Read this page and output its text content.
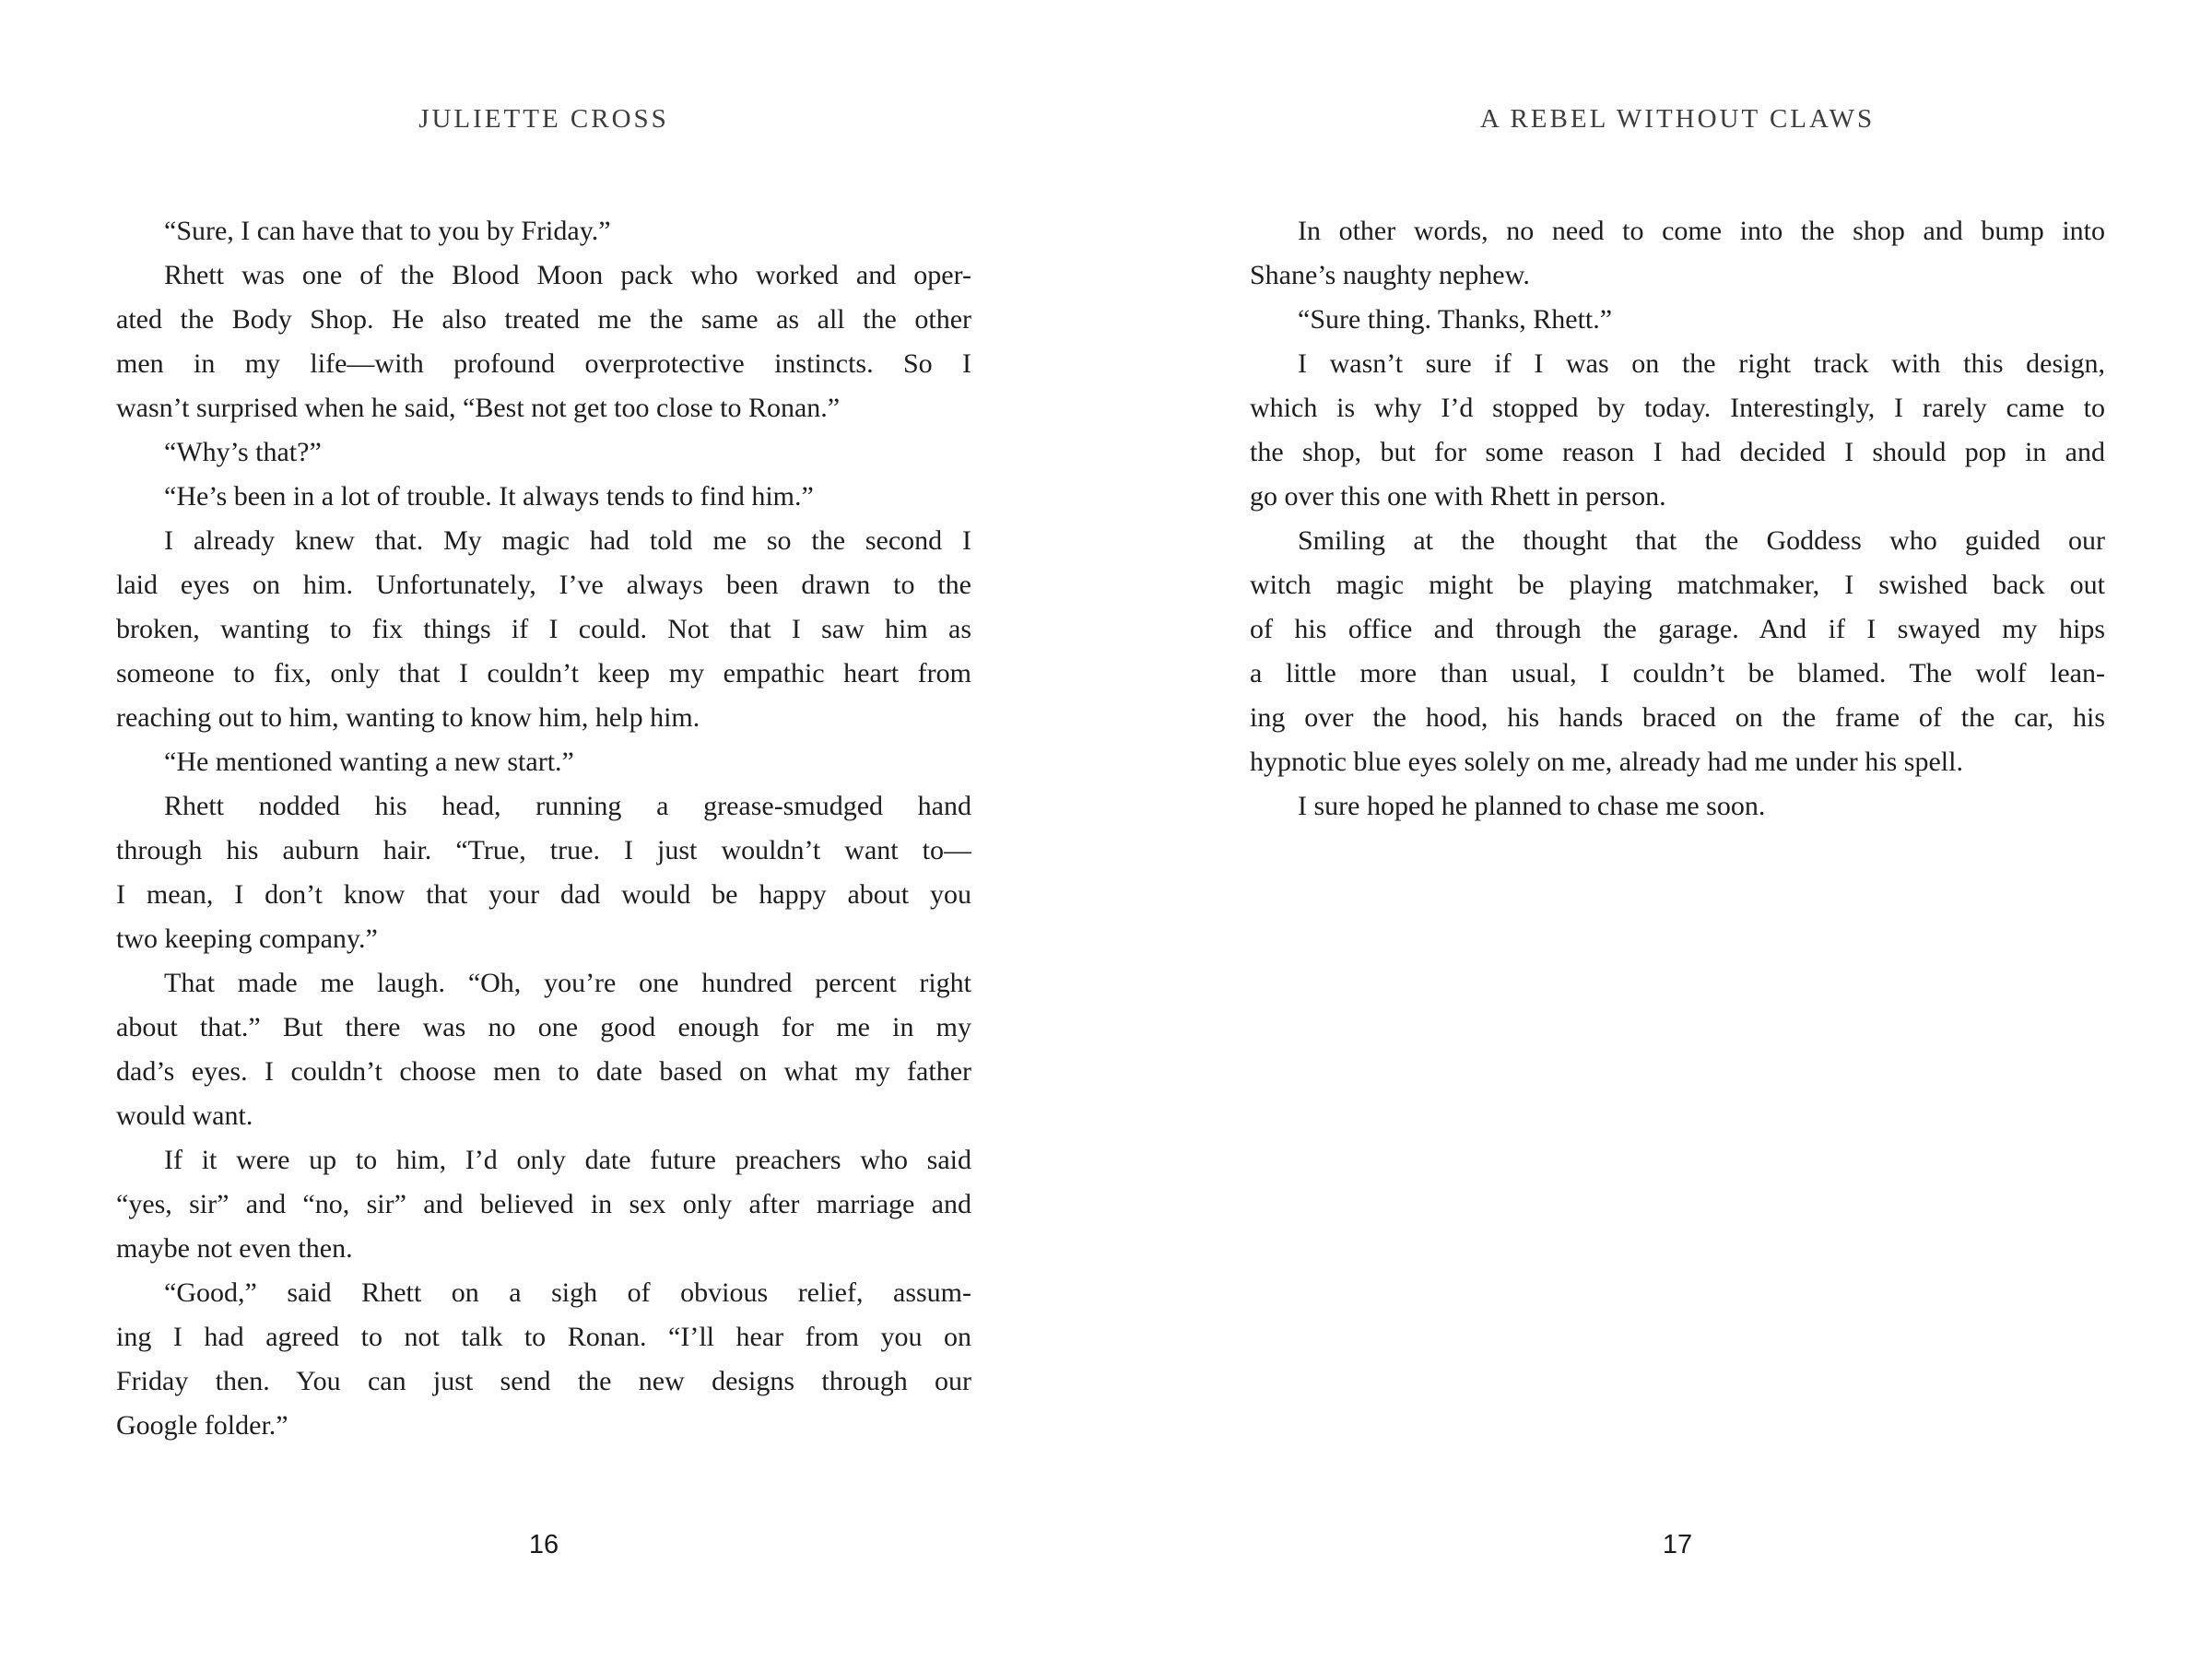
JULIETTE CROSS
“Sure, I can have that to you by Friday.”
Rhett was one of the Blood Moon pack who worked and oper-
ated the Body Shop. He also treated me the same as all the other
men in my life—with profound overprotective instincts. So I
wasn’t surprised when he said, “Best not get too close to Ronan.”
“Why’s that?”
“He’s been in a lot of trouble. It always tends to find him.”
I already knew that. My magic had told me so the second I
laid eyes on him. Unfortunately, I’ve always been drawn to the
broken, wanting to fix things if I could. Not that I saw him as
someone to fix, only that I couldn’t keep my empathic heart from
reaching out to him, wanting to know him, help him.
“He mentioned wanting a new start.”
Rhett nodded his head, running a grease-smudged hand
through his auburn hair. “True, true. I just wouldn’t want to—
I mean, I don’t know that your dad would be happy about you
two keeping company.”
That made me laugh. “Oh, you’re one hundred percent right
about that.” But there was no one good enough for me in my
dad’s eyes. I couldn’t choose men to date based on what my father
would want.
If it were up to him, I’d only date future preachers who said
“yes, sir” and “no, sir” and believed in sex only after marriage and
maybe not even then.
“Good,” said Rhett on a sigh of obvious relief, assum-
ing I had agreed to not talk to Ronan. “I’ll hear from you on
Friday then. You can just send the new designs through our
Google folder.”
16
A REBEL WITHOUT CLAWS
In other words, no need to come into the shop and bump into
Shane’s naughty nephew.
“Sure thing. Thanks, Rhett.”
I wasn’t sure if I was on the right track with this design,
which is why I’d stopped by today. Interestingly, I rarely came to
the shop, but for some reason I had decided I should pop in and
go over this one with Rhett in person.
Smiling at the thought that the Goddess who guided our
witch magic might be playing matchmaker, I swished back out
of his office and through the garage. And if I swayed my hips
a little more than usual, I couldn’t be blamed. The wolf lean-
ing over the hood, his hands braced on the frame of the car, his
hypnotic blue eyes solely on me, already had me under his spell.
I sure hoped he planned to chase me soon.
17
